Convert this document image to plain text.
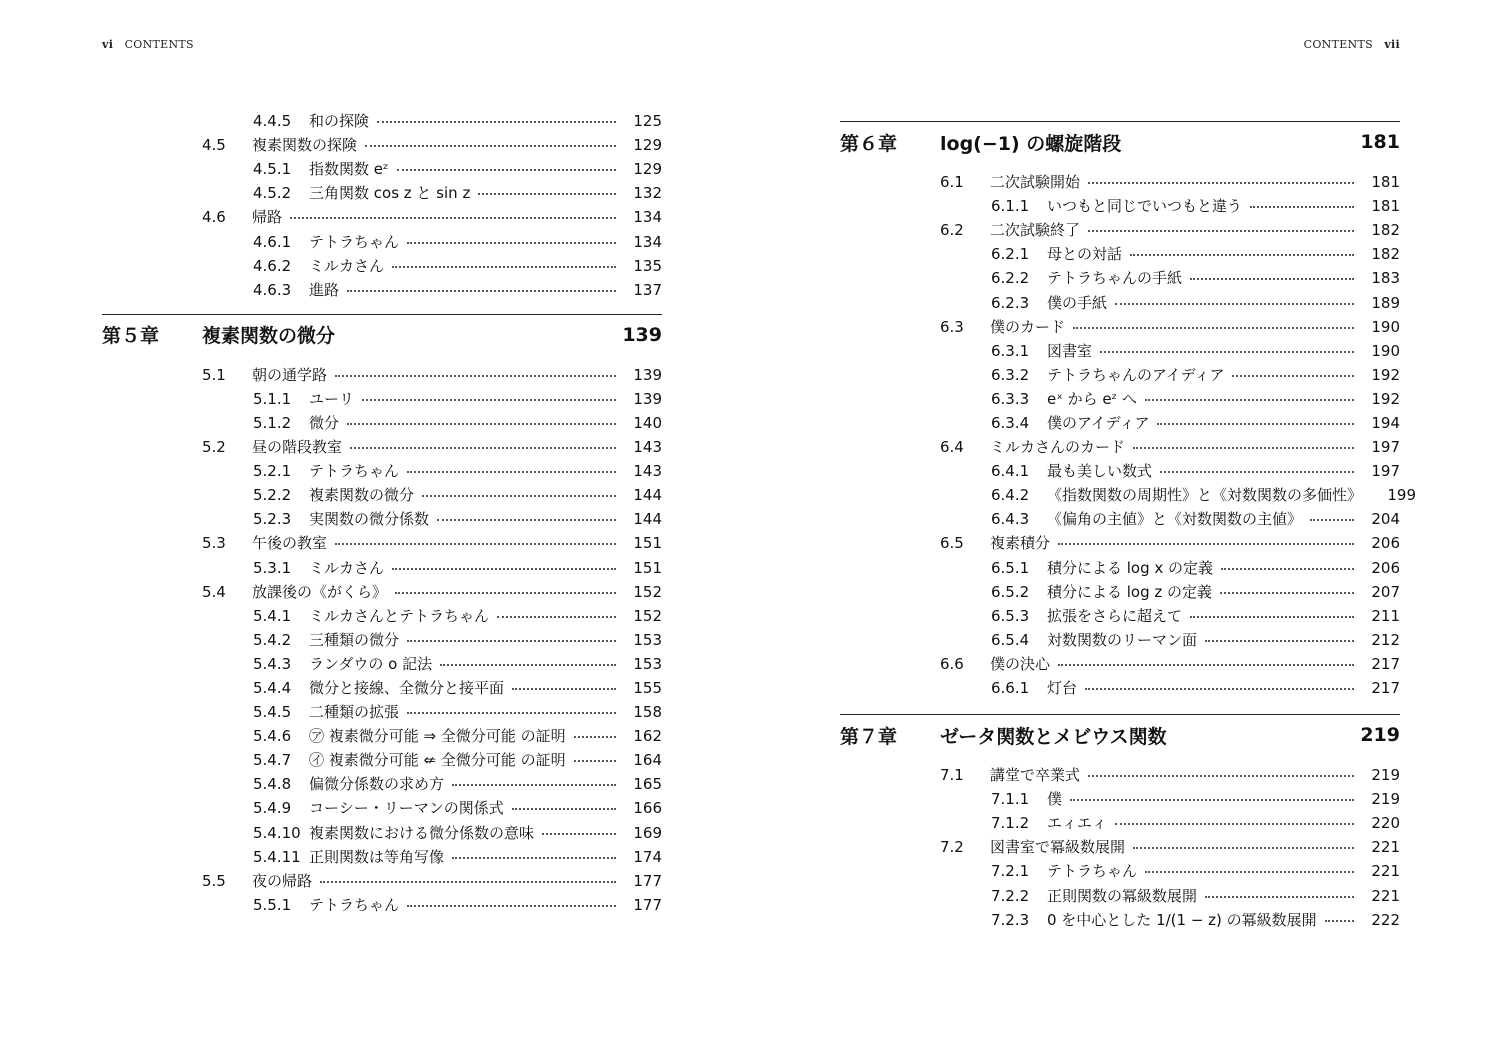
vi CONTENTS
4.4.5	和の探険	125
4.5	複素関数の探険	129
4.5.1	指数関数 eᶻ	129
4.5.2	三角関数 cos z と sin z	132
4.6	帰路	134
4.6.1	テトラちゃん	134
4.6.2	ミルカさん	135
4.6.3	進路	137
第５章	複素関数の微分	139
5.1	朝の通学路	139
5.1.1	ユーリ	139
5.1.2	微分	140
5.2	昼の階段教室	143
5.2.1	テトラちゃん	143
5.2.2	複素関数の微分	144
5.2.3	実関数の微分係数	144
5.3	午後の教室	151
5.3.1	ミルカさん	151
5.4	放課後の《がくら》	152
5.4.1	ミルカさんとテトラちゃん	152
5.4.2	三種類の微分	153
5.4.3	ランダウの o 記法	153
5.4.4	微分と接線、全微分と接平面	155
5.4.5	二種類の拡張	158
5.4.6	㋐ 複素微分可能 ⇒ 全微分可能 の証明	162
5.4.7	㋑ 複素微分可能 ⇍ 全微分可能 の証明	164
5.4.8	偏微分係数の求め方	165
5.4.9	コーシー・リーマンの関係式	166
5.4.10 複素関数における微分係数の意味	169
5.4.11 正則関数は等角写像	174
5.5	夜の帰路	177
5.5.1	テトラちゃん	177
CONTENTS vii
第６章	log(−1) の螺旋階段	181
6.1	二次試験開始	181
6.1.1	いつもと同じでいつもと違う	181
6.2	二次試験終了	182
6.2.1	母との対話	182
6.2.2	テトラちゃんの手紙	183
6.2.3	僕の手紙	189
6.3	僕のカード	190
6.3.1	図書室	190
6.3.2	テトラちゃんのアイディア	192
6.3.3	eˣ から eᶻ へ	192
6.3.4	僕のアイディア	194
6.4	ミルカさんのカード	197
6.4.1	最も美しい数式	197
6.4.2	《指数関数の周期性》と《対数関数の多価性》	199
6.4.3	《偏角の主値》と《対数関数の主値》	204
6.5	複素積分	206
6.5.1	積分による log x の定義	206
6.5.2	積分による log z の定義	207
6.5.3	拡張をさらに超えて	211
6.5.4	対数関数のリーマン面	212
6.6	僕の決心	217
6.6.1	灯台	217
第７章	ゼータ関数とメビウス関数	219
7.1	講堂で卒業式	219
7.1.1	僕	219
7.1.2	エィエィ	220
7.2	図書室で冪級数展開	221
7.2.1	テトラちゃん	221
7.2.2	正則関数の冪級数展開	221
7.2.3	0 を中心とした 1/(1 − z) の冪級数展開	222
